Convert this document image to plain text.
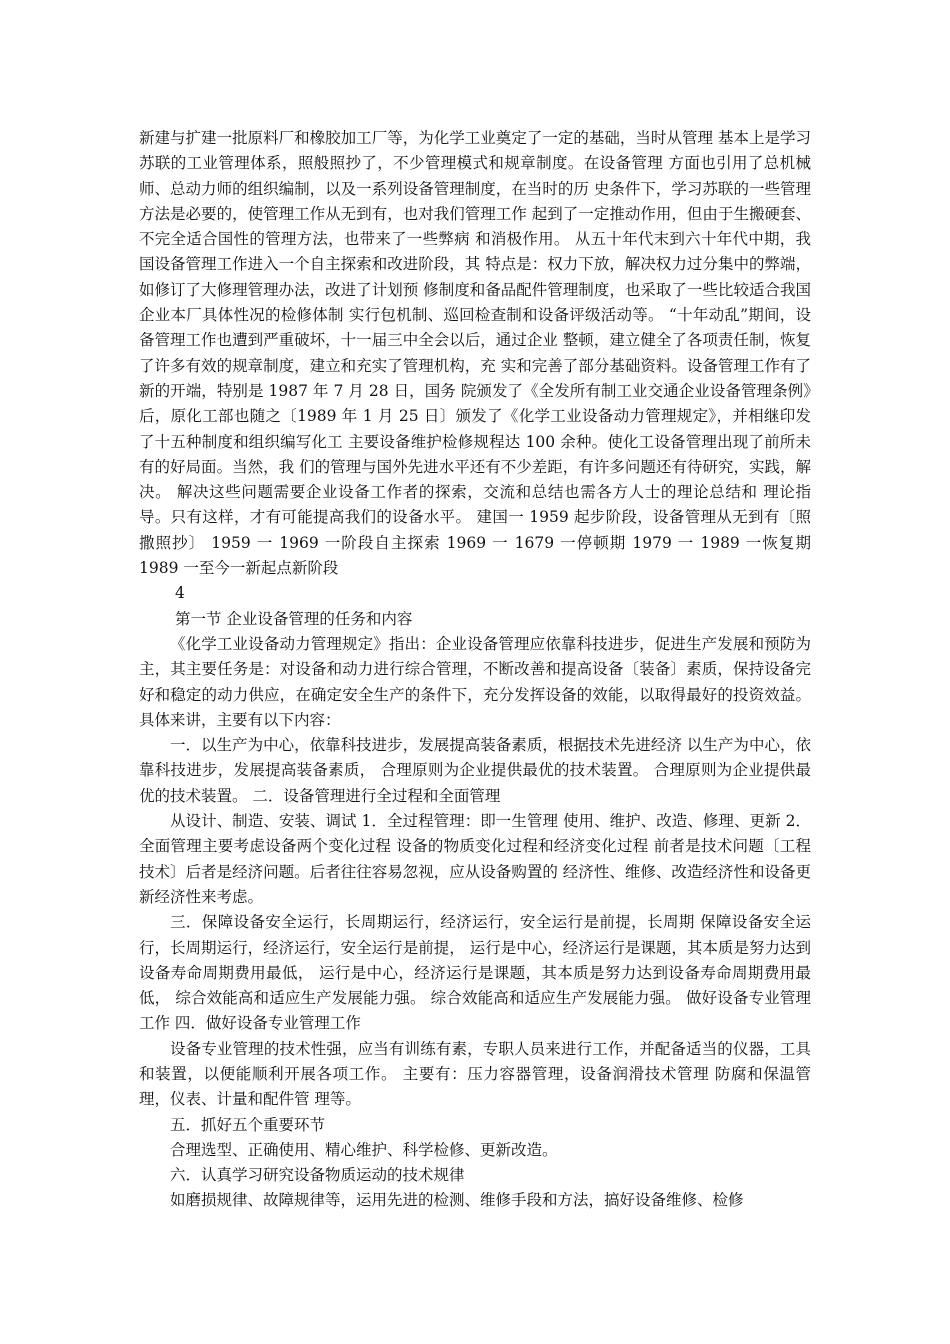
新建与扩建一批原料厂和橡胶加工厂等，为化学工业奠定了一定的基础，当时从管理 基本上是学习苏联的工业管理体系，照般照抄了，不少管理模式和规章制度。在设备管理 方面也引用了总机械师、总动力师的组织编制，以及一系列设备管理制度，在当时的历 史条件下，学习苏联的一些管理方法是必要的，使管理工作从无到有，也对我们管理工作 起到了一定推动作用，但由于生搬硬套、不完全适合国性的管理方法，也带来了一些弊病 和消极作用。 从五十年代末到六十年代中期，我国设备管理工作进入一个自主探索和改进阶段，其 特点是：权力下放，解决权力过分集中的弊端，如修订了大修理管理办法，改进了计划预 修制度和备品配件管理制度，也采取了一些比较适合我国企业本厂具体性况的检修体制 实行包机制、巡回检查制和设备评级活动等。 “十年动乱”期间，设备管理工作也遭到严重破坏，十一届三中全会以后，通过企业 整顿，建立健全了各项责任制，恢复了许多有效的规章制度，建立和充实了管理机构，充 实和完善了部分基础资料。设备管理工作有了新的开端，特别是 1987 年 7 月 28 日，国务 院颁发了《全发所有制工业交通企业设备管理条例》后，原化工部也随之〔1989 年 1 月 25 日〕颁发了《化学工业设备动力管理规定》，并相继印发了十五种制度和组织编写化工 主要设备维护检修规程达 100 余种。使化工设备管理出现了前所未有的好局面。当然，我 们的管理与国外先进水平还有不少差距，有许多问题还有待研究，实践，解决。 解决这些问题需要企业设备工作者的探索，交流和总结也需各方人士的理论总结和 理论指导。只有这样，才有可能提高我们的设备水平。 建国一 1959 起步阶段，设备管理从无到有〔照撒照抄〕 1959 一 1969 一阶段自主探索 1969 一 1679 一停顿期 1979 一 1989 一恢复期 1989 一至今一新起点新阶段

4

第一节 企业设备管理的任务和内容

《化学工业设备动力管理规定》指出：企业设备管理应依靠科技进步，促进生产发展和预防为主，其主要任务是：对设备和动力进行综合管理，不断改善和提高设备〔装备〕素质，保持设备完好和稳定的动力供应，在确定安全生产的条件下，充分发挥设备的效能，以取得最好的投资效益。 具体来讲，主要有以下内容：

一．以生产为中心，依靠科技进步，发展提高装备素质，根据技术先进经济 以生产为中心，依靠科技进步，发展提高装备素质， 合理原则为企业提供最优的技术装置。 合理原则为企业提供最优的技术装置。 二．设备管理进行全过程和全面管理

从设计、制造、安装、调试 1．全过程管理：即一生管理 使用、维护、改造、修理、更新 2．全面管理主要考虑设备两个变化过程 设备的物质变化过程和经济变化过程 前者是技术问题〔工程技术〕后者是经济问题。后者往往容易忽视，应从设备购置的 经济性、维修、改造经济性和设备更新经济性来考虑。

三．保障设备安全运行，长周期运行，经济运行，安全运行是前提，长周期 保障设备安全运行，长周期运行，经济运行，安全运行是前提， 运行是中心，经济运行是课题，其本质是努力达到设备寿命周期费用最低， 运行是中心，经济运行是课题，其本质是努力达到设备寿命周期费用最低， 综合效能高和适应生产发展能力强。 综合效能高和适应生产发展能力强。 做好设备专业管理工作 四．做好设备专业管理工作

设备专业管理的技术性强，应当有训练有素，专职人员来进行工作，并配备适当的仪器，工具和装置，以便能顺利开展各项工作。 主要有：压力容器管理，设备润滑技术管理 防腐和保温管理，仪表、计量和配件管 理等。

五．抓好五个重要环节

合理选型、正确使用、精心维护、科学检修、更新改造。

六．认真学习研究设备物质运动的技术规律

如磨损规律、故障规律等，运用先进的检测、维修手段和方法，搞好设备维修、检修
